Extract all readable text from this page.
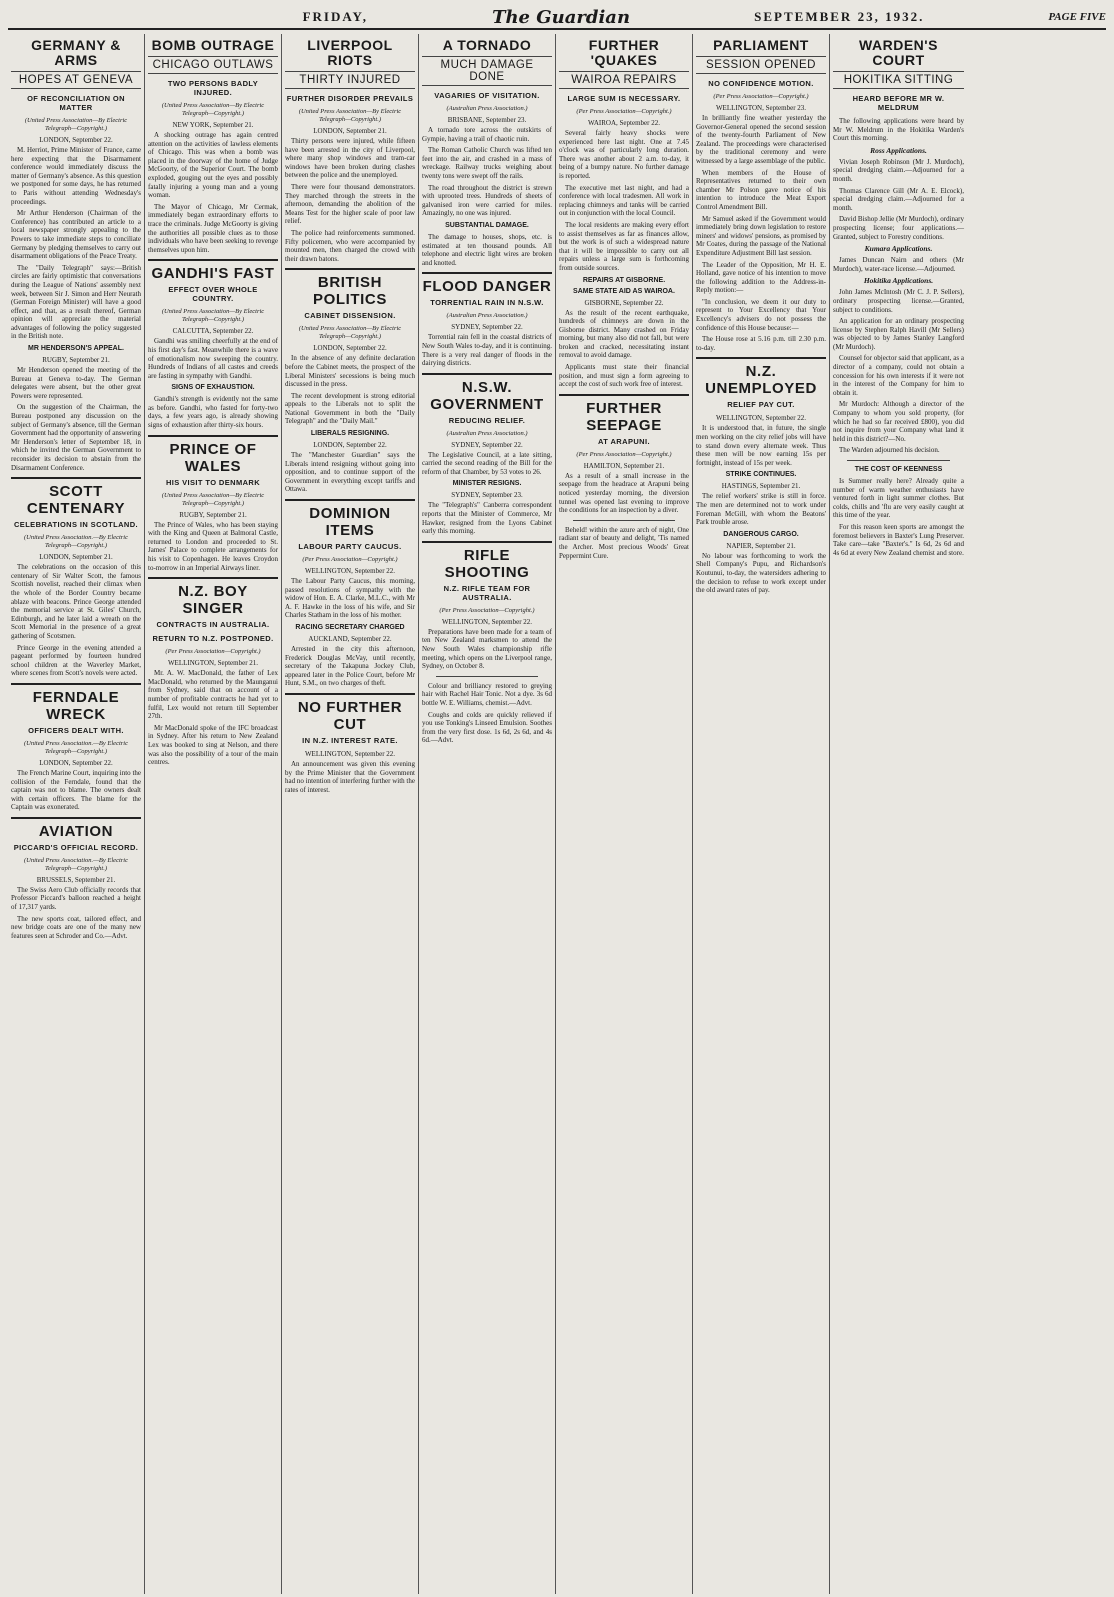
FRIDAY,	The Guardian	SEPTEMBER 23, 1932.	PAGE FIVE
GERMANY & ARMS
HOPES AT GENEVA
OF RECONCILIATION ON MATTER
(United Press Association—By Electric Telegraph—Copyright.)
LONDON, September 22.

M. Herriot, Prime Minister of France, came here expecting that the Disarmament conference would immediately discuss the matter of Germany's absence. As this question we postponed for some days, he has returned to Paris without attending Wednesday's proceedings.

Mr Arthur Henderson (Chairman of the Conference) has contributed an article to a local newspaper strongly appealing to the Powers to take immediate steps to conciliate Germany by pledging themselves to carry out disarmament obligations of the Peace Treaty.

The "Daily Telegraph" says:—British circles are fairly optimistic that conversations during the League of Nations' assembly next week, between Sir J. Simon and Herr Neurath (German Foreign Minister) will have a good effect, and that, as a result thereof, German opinion will appreciate the material advantages of following the policy suggested in the British note.

MR HENDERSON'S APPEAL.
RUGBY, September 21.

Mr Henderson opened the meeting of the Bureau at Geneva to-day. The German delegates were absent, but the other great Powers were represented.

On the suggestion of the Chairman, the Bureau postponed any discussion on the subject of Germany's absence, till the German Government had the opportunity of answering Mr Henderson's letter of September 18, in which he invited the German Government to reconsider its decision to abstain from the Disarmament Conference.

SCOTT CENTENARY
CELEBRATIONS IN SCOTLAND.
(United Press Association.—By Electric Telegraph—Copyright.)
LONDON, September 21.

The celebrations on the occasion of this centenary of Sir Walter Scott, the famous Scottish novelist, reached their climax when the whole of the Border Country became ablaze with beacons. Prince George attended the memorial service at St. Giles' Church, Edinburgh, and he later laid a wreath on the Scott Memorial in the presence of a great gathering of Scotsmen.

Prince George in the evening attended a pageant performed by fourteen hundred school children at the Waverley Market, where scenes from Scott's novels were acted.

FERNDALE WRECK
OFFICERS DEALT WITH.
(United Press Association.—By Electric Telegraph—Copyright.)
LONDON, September 22.

The French Marine Court, inquiring into the collision of the Ferndale, found that the captain was not to blame. The owners dealt with certain officers. The blame for the Captain was exonerated.

AVIATION
PICCARD'S OFFICIAL RECORD.
(United Press Association.—By Electric Telegraph—Copyright.)
BRUSSELS, September 21.

The Swiss Aero Club officially records that Professor Piccard's balloon reached a height of 17,317 yards.

The new sports coat, tailored effect, and new bridge coats are one of the many new features seen at Schroder and Co.—Advt.

BOMB OUTRAGE
CHICAGO OUTLAWS
TWO PERSONS BADLY INJURED.
(United Press Association—By Electric Telegraph—Copyright.)
NEW YORK, September 21.

A shocking outrage has again centred attention on the activities of lawless elements of Chicago. This was when a bomb was placed in the doorway of the home of Judge McGoorty, of the Superior Court. The bomb exploded, gouging out the eyes and possibly fatally injuring a young man and a young woman.

The Mayor of Chicago, Mr Cermak, immediately began extraordinary efforts to trace the criminals. Judge McGoorty is giving the authorities all possible clues as to those individuals who have been seeking to revenge themselves upon him.

GANDHI'S FAST
EFFECT OVER WHOLE COUNTRY.
(United Press Association—By Electric Telegraph—Copyright.)
CALCUTTA, September 22.

Gandhi was smiling cheerfully at the end of his first day's fast. Meanwhile there is a wave of emotionalism now sweeping the country. Hundreds of Indians of all castes and creeds are fasting in sympathy with Gandhi.

SIGNS OF EXHAUSTION.

Gandhi's strength is evidently not the same as before. Gandhi, who fasted for forty-two days, a few years ago, is already showing signs of exhaustion after thirty-six hours.

PRINCE OF WALES
HIS VISIT TO DENMARK
(United Press Association—By Electric Telegraph—Copyright.)
RUGBY, September 21.

The Prince of Wales, who has been staying with the King and Queen at Balmoral Castle, returned to London and proceeded to St. James' Palace to complete arrangements for his visit to Copenhagen. He leaves Croydon to-morrow in an Imperial Airways liner.

N.Z. BOY SINGER
CONTRACTS IN AUSTRALIA.
RETURN TO N.Z. POSTPONED.
(Per Press Association—Copyright.)
WELLINGTON, September 21.

Mr. A. W. MacDonald, the father of Lex MacDonald, who returned by the Maunganui from Sydney, said that on account of a number of profitable contracts he had yet to fulfil, Lex would not return till September 27th.

Mr MacDonald spoke of the IFC broadcast in Sydney. After his return to New Zealand Lex was booked to sing at Nelson, and there was also the possibility of a tour of the main centres.

LIVERPOOL RIOTS
THIRTY INJURED
FURTHER DISORDER PREVAILS
(United Press Association—By Electric Telegraph—Copyright.)
LONDON, September 21.

Thirty persons were injured, while fifteen have been arrested in the city of Liverpool, where many shop windows and tram-car windows have been broken during clashes between the police and the unemployed.

There were four thousand demonstrators. They marched through the streets in the afternoon, demanding the abolition of the Means Test for the higher scale of poor law relief.

The police had reinforcements summoned. Fifty policemen, who were accompanied by mounted men, then charged the crowd with their drawn batons.

BRITISH POLITICS
CABINET DISSENSION.
(United Press Association—By Electric Telegraph—Copyright.)
LONDON, September 22.

In the absence of any definite declaration before the Cabinet meets, the prospect of the Liberal Ministers' secessions is being much discussed in the press.

The recent development is strong editorial appeals to the Liberals not to split the National Government in both the "Daily Telegraph" and the "Daily Mail."

LIBERALS RESIGNING.
LONDON, September 22.

The "Manchester Guardian" says the Liberals intend resigning without going into opposition, and to continue support of the Government in everything except tariffs and Ottawa.

DOMINION ITEMS
LABOUR PARTY CAUCUS.
(Per Press Association—Copyright.)
WELLINGTON, September 22.

The Labour Party Caucus, this morning, passed resolutions of sympathy with the widow of Hon. E. A. Clarke, M.L.C., with Mr A. F. Hawke in the loss of his wife, and Sir Charles Statham in the loss of his mother.

RACING SECRETARY CHARGED
AUCKLAND, September 22.

Arrested in the city this afternoon, Frederick Douglas McVay, until recently, secretary of the Takapuna Jockey Club, appeared later in the Police Court, before Mr Hunt, S.M., on two charges of theft.

NO FURTHER CUT
IN N.Z. INTEREST RATE.
WELLINGTON, September 22.

An announcement was given this evening by the Prime Minister that the Government had no intention of interfering further with the rates of interest.

A TORNADO
MUCH DAMAGE DONE
VAGARIES OF VISITATION.
(Australian Press Association.)
BRISBANE, September 23.

A tornado tore across the outskirts of Gympie, having a trail of chaotic ruin.

The Roman Catholic Church was lifted ten feet into the air, and crashed in a mass of wreckage. Railway trucks weighing about twenty tons were swept off the rails.

The road throughout the district is strewn with uprooted trees. Hundreds of sheets of galvanised iron were carried for miles. Amazingly, no one was injured.

SUBSTANTIAL DAMAGE.

The damage to houses, shops, etc. is estimated at ten thousand pounds. All telephone and electric light wires are broken and knotted.

FLOOD DANGER
TORRENTIAL RAIN IN N.S.W.
(Australian Press Association.)
SYDNEY, September 22.

Torrential rain fell in the coastal districts of New South Wales to-day, and it is continuing. There is a very real danger of floods in the dairying districts.

N.S.W. GOVERNMENT
REDUCING RELIEF.
(Australian Press Association.)
SYDNEY, September 22.

The Legislative Council, at a late sitting, carried the second reading of the Bill for the reform of that Chamber, by 53 votes to 26.

MINISTER RESIGNS.
SYDNEY, September 23.

The "Telegraph's" Canberra correspondent reports that the Minister of Commerce, Mr Hawker, resigned from the Lyons Cabinet early this morning.

RIFLE SHOOTING
N.Z. RIFLE TEAM FOR AUSTRALIA.
(Per Press Association—Copyright.)
WELLINGTON, September 22.

Preparations have been made for a team of ten New Zealand marksmen to attend the New South Wales championship rifle meeting, which opens on the Liverpool range, Sydney, on October 8.

Colour and brilliancy restored to greying hair with Rachel Hair Tonic. Not a dye. 3s 6d bottle W. E. Williams, chemist.—Advt.

Coughs and colds are quickly relieved if you use Tonking's Linseed Emulsion. Soothes from the very first dose. 1s 6d, 2s 6d, and 4s 6d.—Advt.

FURTHER 'QUAKES
WAIROA REPAIRS
LARGE SUM IS NECESSARY.
(Per Press Association—Copyright.)
WAIROA, September 22.

Several fairly heavy shocks were experienced here last night. One at 7.45 o'clock was of particularly long duration. There was another about 2 a.m. to-day, it being of a bumpy nature. No further damage is reported.

The executive met last night, and had a conference with local tradesmen. All work in replacing chimneys and tanks will be carried out in conjunction with the local Council.

The local residents are making every effort to assist themselves as far as finances allow, but the work is of such a widespread nature that it will be impossible to carry out all repairs unless a large sum is forthcoming from outside sources.

REPAIRS AT GISBORNE.
SAME STATE AID AS WAIROA.
GISBORNE, September 22.

As the result of the recent earthquake, hundreds of chimneys are down in the Gisborne district. Many crashed on Friday morning, but many also did not fall, but were broken and cracked, necessitating instant removal to avoid damage.

Applicants must state their financial position, and must sign a form agreeing to accept the cost of such work free of interest.

FURTHER SEEPAGE
AT ARAPUNI.
(Per Press Association—Copyright.)
HAMILTON, September 21.

As a result of a small increase in the seepage from the headrace at Arapuni being noticed yesterday morning, the diversion tunnel was opened last evening to improve the conditions for an inspection by a diver.

Beheld! within the azure arch of night, One radiant star of beauty and delight, 'Tis named the Archer. Most precious Woods' Great Peppermint Cure.

PARLIAMENT
SESSION OPENED
NO CONFIDENCE MOTION.
(Per Press Association—Copyright.)
WELLINGTON, September 23.

In brilliantly fine weather yesterday the Governor-General opened the second session of the twenty-fourth Parliament of New Zealand. The proceedings were characterised by the traditional ceremony and were witnessed by a large assemblage of the public.

When members of the House of Representatives returned to their own chamber Mr Polson gave notice of his intention to introduce the Meat Export Control Amendment Bill.

Mr Samuel asked if the Government would immediately bring down legislation to restore miners' and widows' pensions, as promised by Mr Coates, during the passage of the National Expenditure Adjustment Bill last session.

The Leader of the Opposition, Mr H. E. Holland, gave notice of his intention to move the following addition to the Address-in-Reply motion:—

"In conclusion, we deem it our duty to represent to Your Excellency that Your Excellency's advisers do not possess the confidence of this House because:—

The House rose at 5.16 p.m. till 2.30 p.m. to-day.

N.Z. UNEMPLOYED
RELIEF PAY CUT.
WELLINGTON, September 22.

It is understood that, in future, the single men working on the city relief jobs will have to stand down every alternate week. Thus these men will be now earning 15s per fortnight, instead of 15s per week.

STRIKE CONTINUES.
HASTINGS, September 21.

The relief workers' strike is still in force. The men are determined not to work under Foreman McGill, with whom the Beatons' Park trouble arose.

DANGEROUS CARGO.
NAPIER, September 21.

No labour was forthcoming to work the Shell Company's Pupu, and Richardson's Koutunui, to-day, the watersiders adhering to the decision to refuse to work except under the old award rates of pay.

WARDEN'S COURT
HOKITIKA SITTING
HEARD BEFORE MR W. MELDRUM

The following applications were heard by Mr W. Meldrum in the Hokitika Warden's Court this morning.

Ross Applications.

Vivian Joseph Robinson (Mr J. Murdoch), special dredging claim.—Adjourned for a month.

Thomas Clarence Gill (Mr A. E. Elcock), special dredging claim.—Adjourned for a month.

David Bishop Jellie (Mr Murdoch), ordinary prospecting license; four applications.—Granted, subject to Forestry conditions.

Kumara Applications.

James Duncan Nairn and others (Mr Murdoch), water-race license.—Adjourned.

Hokitika Applications.

John James McIntosh (Mr C. J. P. Sellers), ordinary prospecting license.—Granted, subject to conditions.

An application for an ordinary prospecting license by Stephen Ralph Havill (Mr Sellers) was objected to by James Stanley Langford (Mr Murdoch).

Counsel for objector said that applicant, as a director of a company, could not obtain a concession for his own interests if it were not in the interest of the Company for him to obtain it.

Mr Murdoch: Although a director of the Company to whom you sold property, (for which he had so far received £800), you did not inquire from your Company what land it held in this district?—No.

The Warden adjourned his decision.

THE COST OF KEENNESS

Is Summer really here? Already quite a number of warm weather enthusiasts have ventured forth in light summer clothes. But colds, chills and 'flu are very easily caught at this time of the year.

For this reason keen sports are amongst the foremost believers in Baxter's Lung Preserver. Take care—take "Baxter's." Is 6d, 2s 6d and 4s 6d at every New Zealand chemist and store.
